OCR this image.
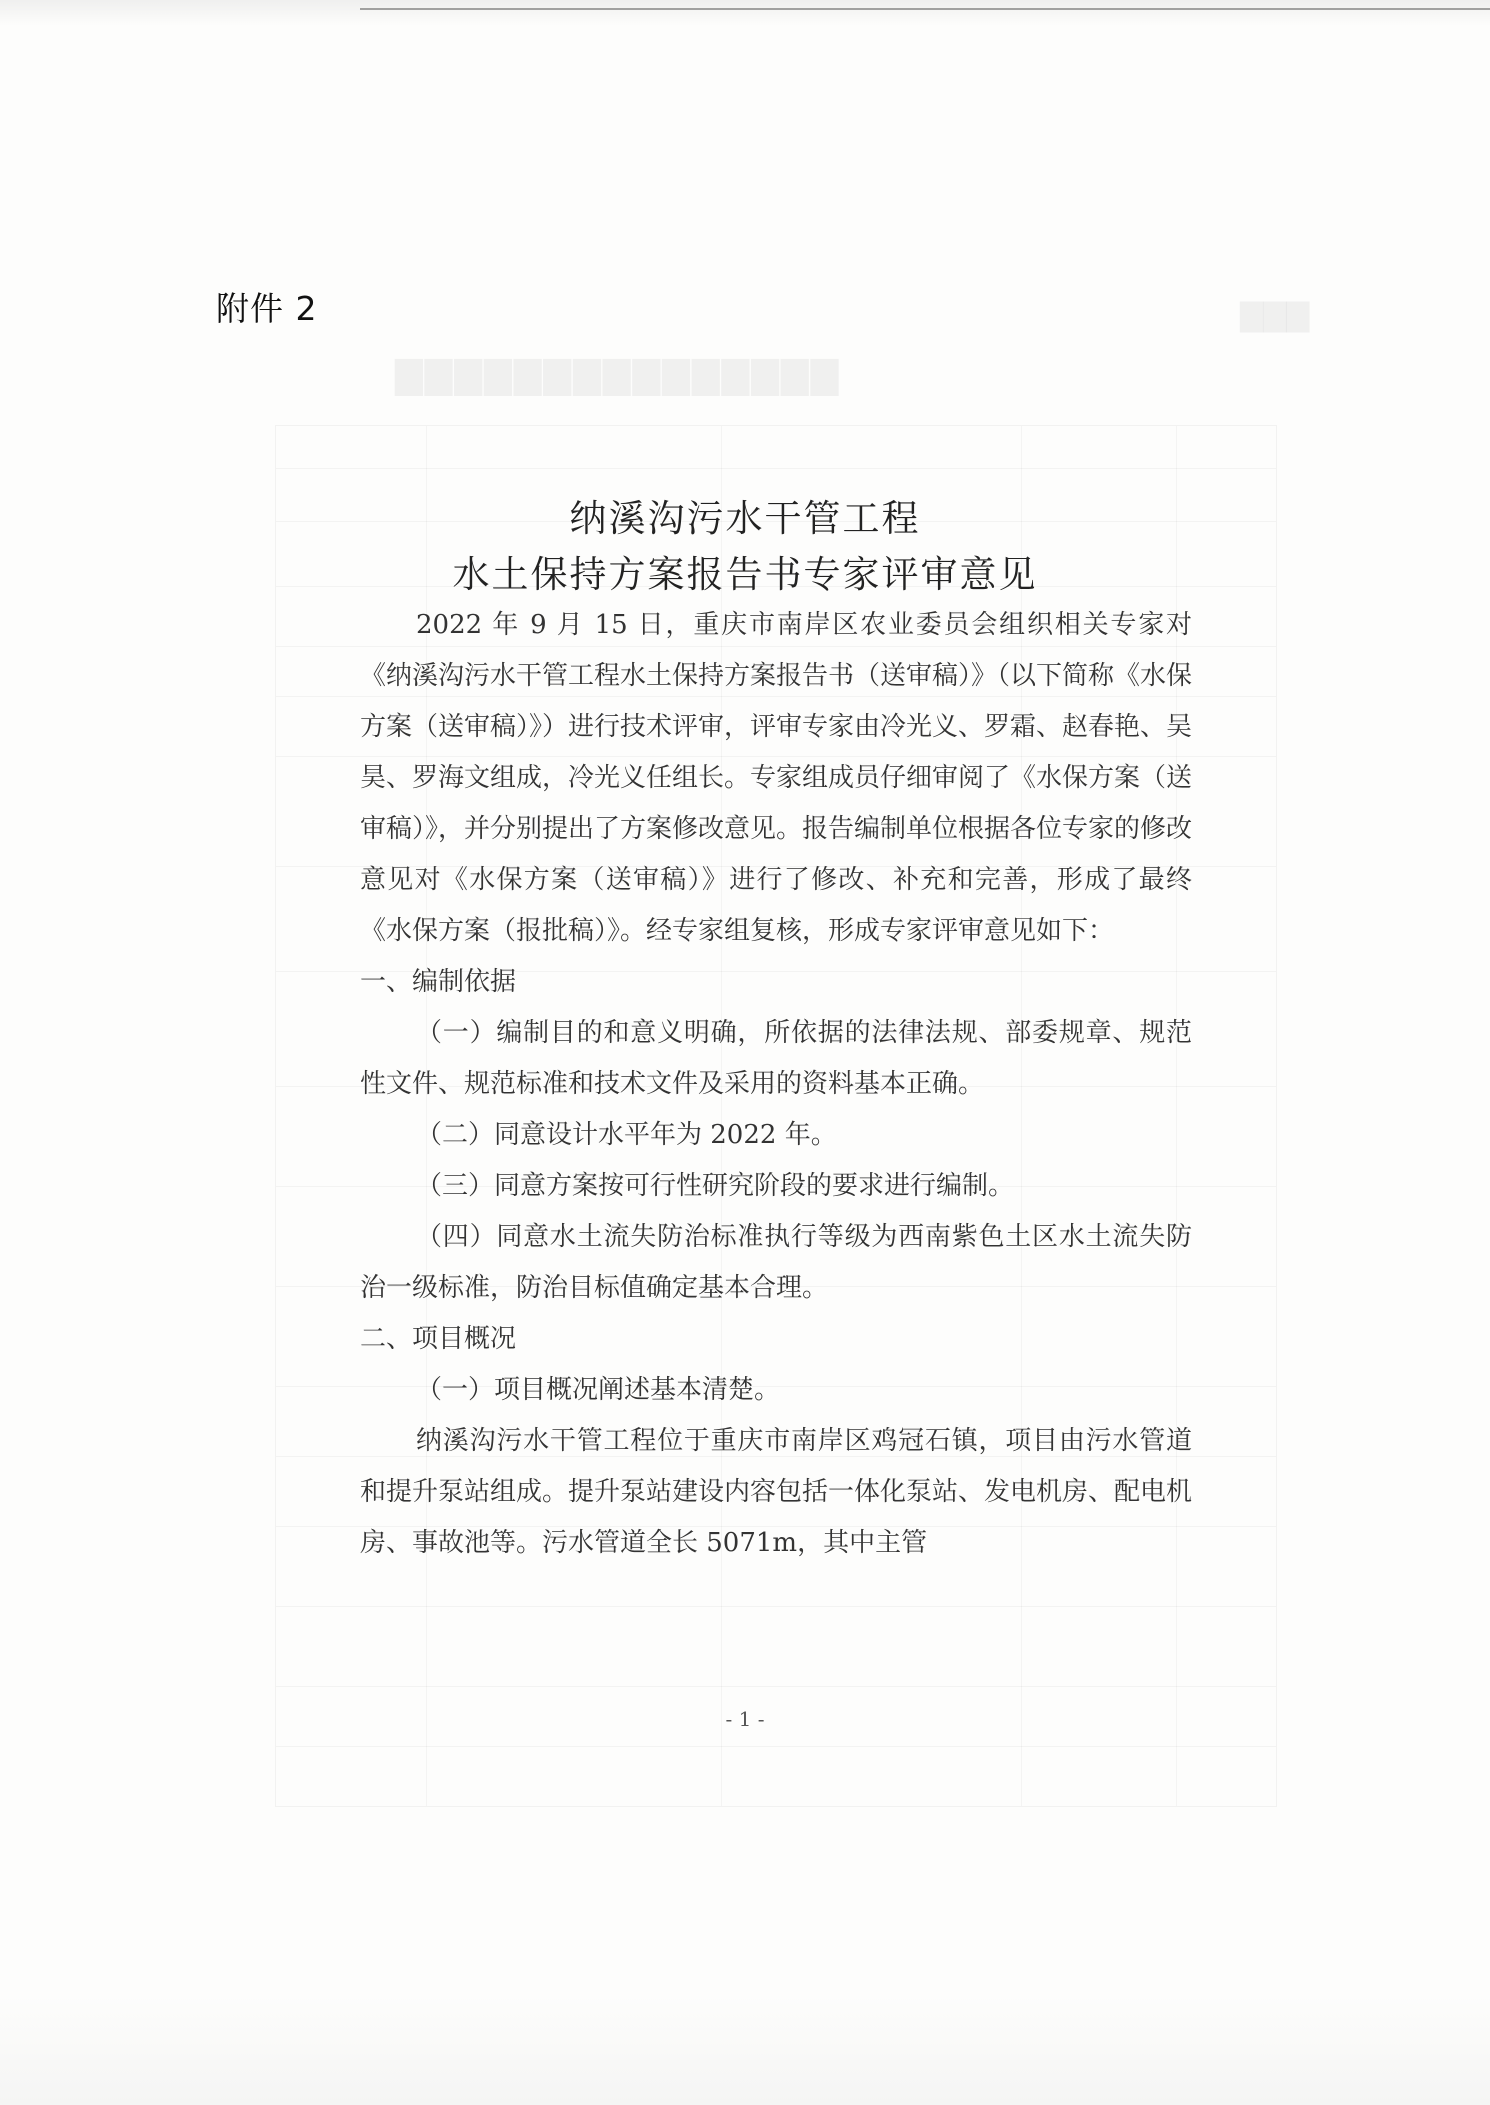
▇▇▇▇▇▇▇▇▇▇▇▇▇▇▇
▇▇▇
附件 2
纳溪沟污水干管工程
水土保持方案报告书专家评审意见

2022 年 9 月 15 日，重庆市南岸区农业委员会组织相关专家对《纳溪沟污水干管工程水土保持方案报告书（送审稿）》（以下简称《水保方案（送审稿）》）进行技术评审，评审专家由冷光义、罗霜、赵春艳、吴昊、罗海文组成，冷光义任组长。专家组成员仔细审阅了《水保方案（送审稿）》，并分别提出了方案修改意见。报告编制单位根据各位专家的修改意见对《水保方案（送审稿）》进行了修改、补充和完善，形成了最终《水保方案（报批稿）》。经专家组复核，形成专家评审意见如下：

一、编制依据

（一）编制目的和意义明确，所依据的法律法规、部委规章、规范性文件、规范标准和技术文件及采用的资料基本正确。

（二）同意设计水平年为 2022 年。

（三）同意方案按可行性研究阶段的要求进行编制。

（四）同意水土流失防治标准执行等级为西南紫色土区水土流失防治一级标准，防治目标值确定基本合理。

二、项目概况

（一）项目概况阐述基本清楚。

纳溪沟污水干管工程位于重庆市南岸区鸡冠石镇，项目由污水管道和提升泵站组成。提升泵站建设内容包括一体化泵站、发电机房、配电机房、事故池等。污水管道全长 5071m，其中主管

- 1 -
